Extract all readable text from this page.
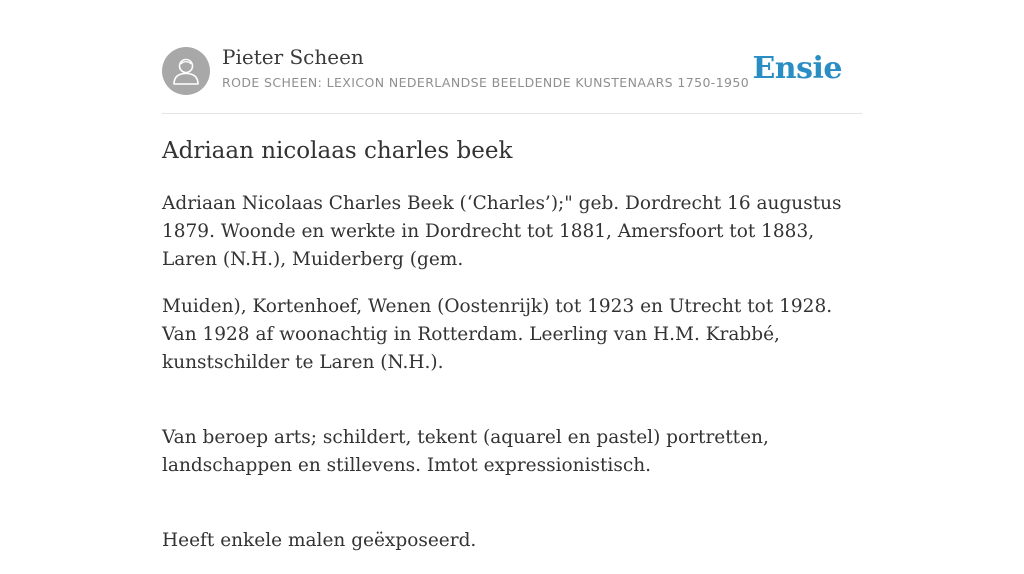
Pieter Scheen
RODE SCHEEN: LEXICON NEDERLANDSE BEELDENDE KUNSTENAARS 1750-1950 Ensie
Adriaan nicolaas charles beek

Adriaan Nicolaas Charles Beek (‘Charles’);" geb. Dordrecht 16 augustus 1879. Woonde en werkte in Dordrecht tot 1881, Amersfoort tot 1883, Laren (N.H.), Muiderberg (gem.

Muiden), Kortenhoef, Wenen (Oostenrijk) tot 1923 en Utrecht tot 1928. Van 1928 af woonachtig in Rotterdam. Leerling van H.M. Krabbé, kunstschilder te Laren (N.H.).

Van beroep arts; schildert, tekent (aquarel en pastel) portretten, landschappen en stillevens. Imtot expressionistisch.

Heeft enkele malen geëxposeerd.
